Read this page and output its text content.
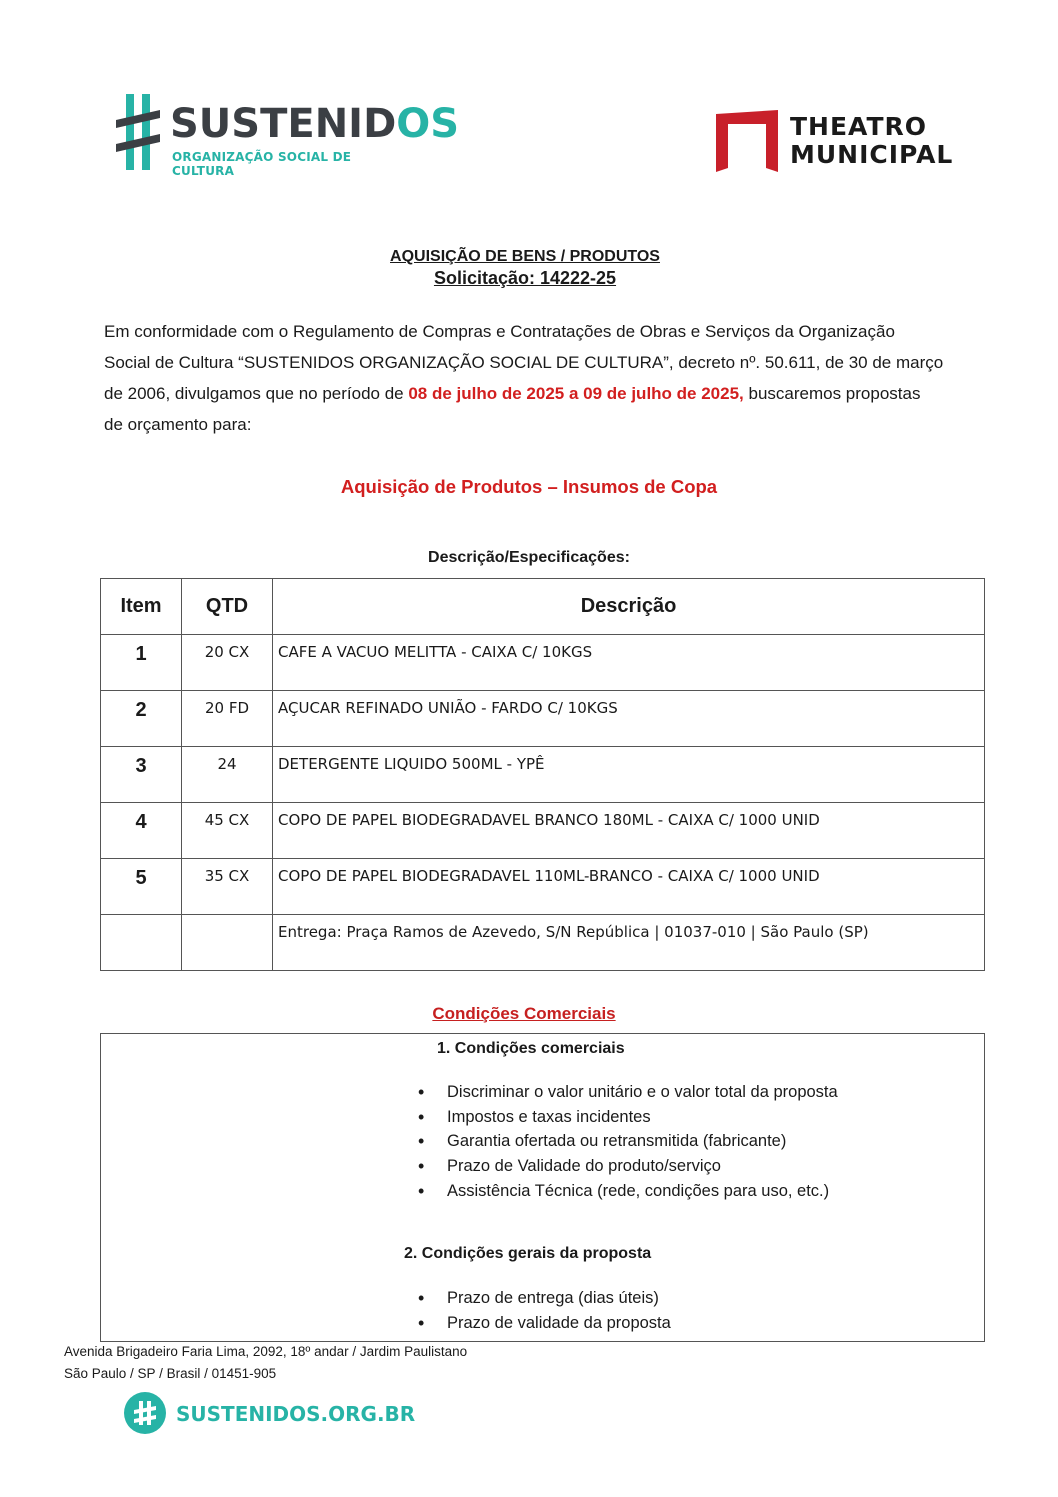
SUSTENIDOS
ORGANIZAÇÃO SOCIAL DE CULTURA
THEATRO
MUNICIPAL
AQUISIÇÃO DE BENS / PRODUTOS
Solicitação: 14222-25
Em conformidade com o Regulamento de Compras e Contratações de Obras e Serviços da Organização Social de Cultura “SUSTENIDOS ORGANIZAÇÃO SOCIAL DE CULTURA”, decreto nº. 50.611, de 30 de março de 2006, divulgamos que no período de 08 de julho de 2025 a 09 de julho de 2025, buscaremos propostas de orçamento para:
Aquisição de Produtos – Insumos de Copa
Descrição/Especificações:
Item	QTD	Descrição

1	20 CX	CAFE A VACUO MELITTA - CAIXA C/ 10KGS

2	20 FD	AÇUCAR REFINADO UNIÃO - FARDO C/ 10KGS

3	24	DETERGENTE LIQUIDO 500ML - YPÊ

4	45 CX	COPO DE PAPEL BIODEGRADAVEL BRANCO 180ML - CAIXA C/ 1000 UNID

5	35 CX	COPO DE PAPEL BIODEGRADAVEL 110ML-BRANCO - CAIXA C/ 1000 UNID

		Entrega: Praça Ramos de Azevedo, S/N República | 01037-010 | São Paulo (SP)
Condições Comerciais
1. Condições comerciais
• Discriminar o valor unitário e o valor total da proposta
• Impostos e taxas incidentes
• Garantia ofertada ou retransmitida (fabricante)
• Prazo de Validade do produto/serviço
• Assistência Técnica (rede, condições para uso, etc.)
2. Condições gerais da proposta
• Prazo de entrega (dias úteis)
• Prazo de validade da proposta
Avenida Brigadeiro Faria Lima, 2092, 18º andar / Jardim Paulistano
São Paulo / SP / Brasil / 01451-905
SUSTENIDOS.ORG.BR
